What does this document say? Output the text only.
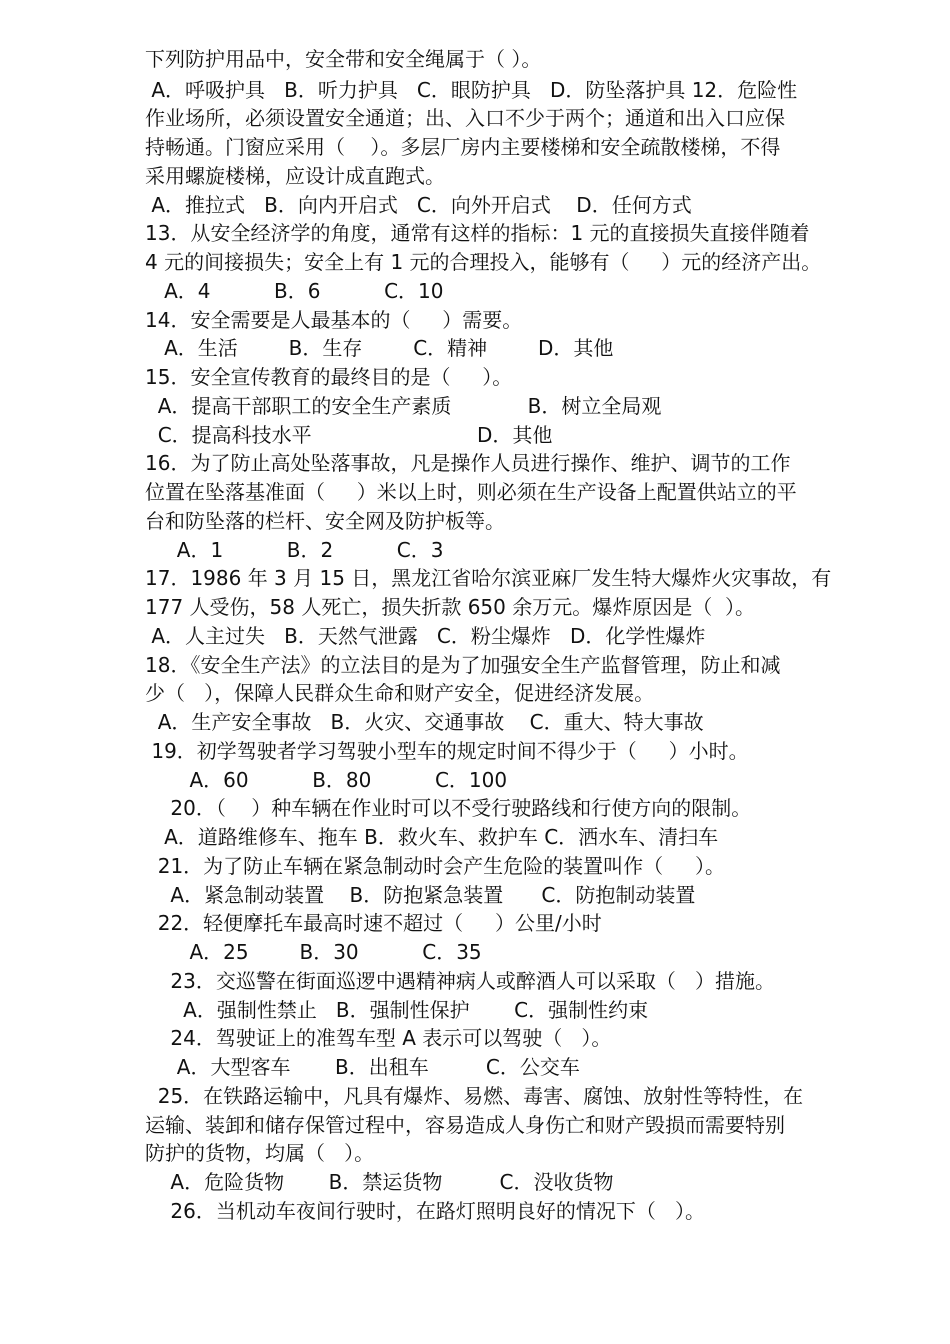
下列防护用品中，安全带和安全绳属于（ ）。
A．呼吸护具   B．听力护具   C．眼防护具   D．防坠落护具 12．危险性
作业场所，必须设置安全通道；出、入口不少于两个；通道和出入口应保
持畅通。门窗应采用（    ）。多层厂房内主要楼梯和安全疏散楼梯，不得
采用螺旋楼梯，应设计成直跑式。
A．推拉式   B．向内开启式   C．向外开启式    D．任何方式
13．从安全经济学的角度，通常有这样的指标：1 元的直接损失直接伴随着
4 元的间接损失；安全上有 1 元的合理投入，能够有（     ）元的经济产出。
A．4          B．6          C．10
14．安全需要是人最基本的（     ）需要。
A．生活        B．生存        C．精神        D．其他
15．安全宣传教育的最终目的是（     ）。
A．提高干部职工的安全生产素质            B．树立全局观
C．提高科技水平                          D．其他
16．为了防止高处坠落事故，凡是操作人员进行操作、维护、调节的工作
位置在坠落基准面（     ）米以上时，则必须在生产设备上配置供站立的平
台和防坠落的栏杆、安全网及防护板等。
A．1          B．2          C．3
17．1986 年 3 月 15 日，黑龙江省哈尔滨亚麻厂发生特大爆炸火灾事故，有
177 人受伤，58 人死亡，损失折款 650 余万元。爆炸原因是（  ）。
A．人主过失   B．天然气泄露   C．粉尘爆炸   D．化学性爆炸
18．《安全生产法》的立法目的是为了加强安全生产监督管理，防止和减
少（   ），保障人民群众生命和财产安全，促进经济发展。
A．生产安全事故   B．火灾、交通事故    C．重大、特大事故
19．初学驾驶者学习驾驶小型车的规定时间不得少于（     ）小时。
A．60          B．80          C．100
20．（    ）种车辆在作业时可以不受行驶路线和行使方向的限制。
A．道路维修车、拖车 B．救火车、救护车 C．洒水车、清扫车
21．为了防止车辆在紧急制动时会产生危险的装置叫作（     ）。
A．紧急制动装置    B．防抱紧急装置      C．防抱制动装置
22．轻便摩托车最高时速不超过（     ）公里/小时
A．25        B．30          C．35
23．交巡警在街面巡逻中遇精神病人或醉酒人可以采取（   ）措施。
A．强制性禁止   B．强制性保护       C．强制性约束
24．驾驶证上的准驾车型 A 表示可以驾驶（   ）。
A．大型客车       B．出租车         C．公交车
25．在铁路运输中，凡具有爆炸、易燃、毒害、腐蚀、放射性等特性，在
运输、装卸和储存保管过程中，容易造成人身伤亡和财产毁损而需要特别
防护的货物，均属（   ）。
A．危险货物       B．禁运货物         C．没收货物
26．当机动车夜间行驶时，在路灯照明良好的情况下（   ）。
